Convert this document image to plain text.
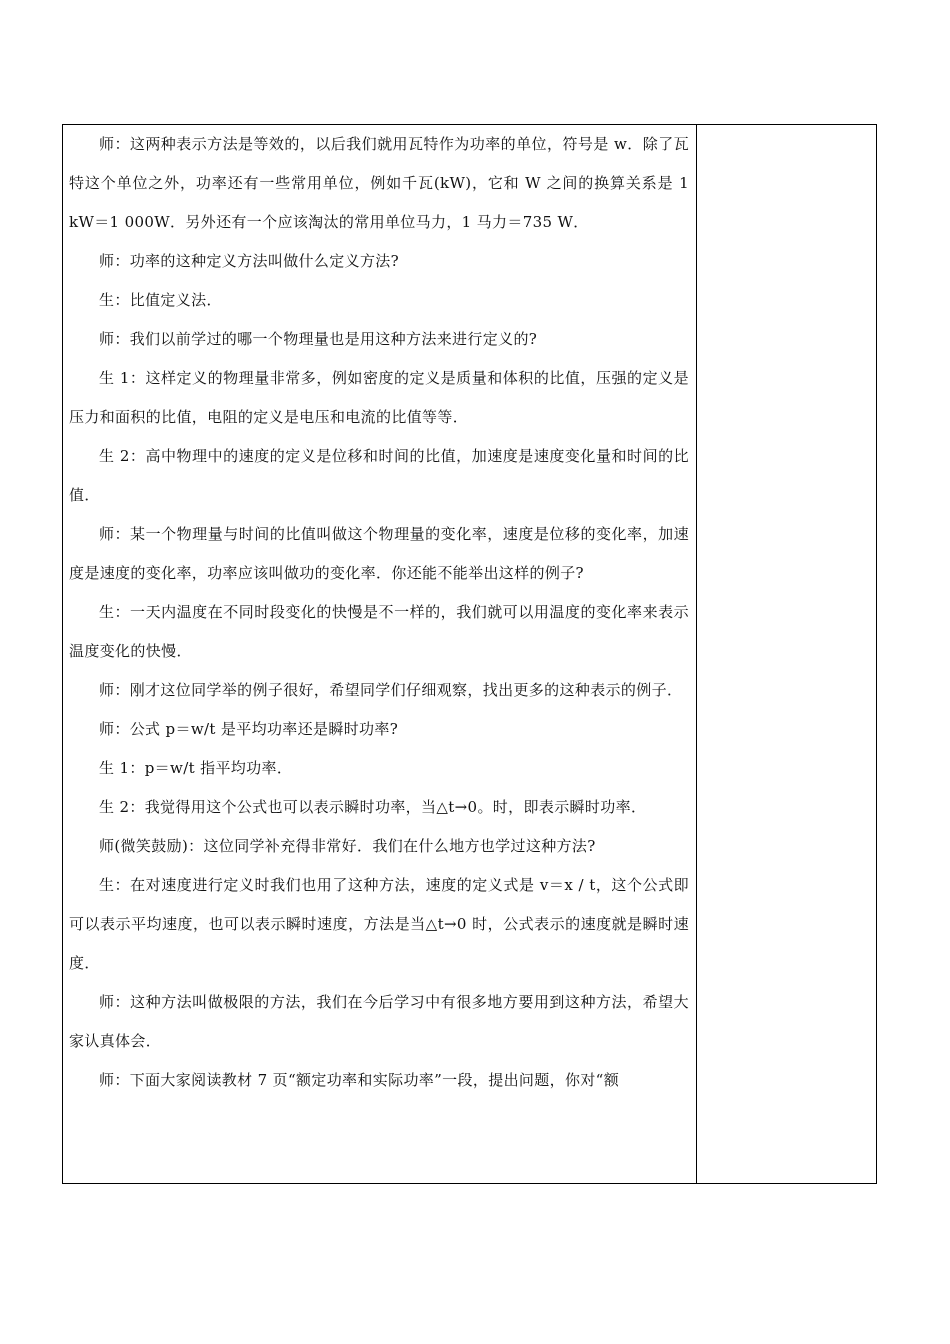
师：这两种表示方法是等效的，以后我们就用瓦特作为功率的单位，符号是 w．除了瓦特这个单位之外，功率还有一些常用单位，例如千瓦(kW)，它和 W 之间的换算关系是 1 kW＝1 000W．另外还有一个应该淘汰的常用单位马力，1 马力＝735 W．

师：功率的这种定义方法叫做什么定义方法?

生：比值定义法．

师：我们以前学过的哪一个物理量也是用这种方法来进行定义的?

生 1：这样定义的物理量非常多，例如密度的定义是质量和体积的比值，压强的定义是压力和面积的比值，电阻的定义是电压和电流的比值等等．

生 2：高中物理中的速度的定义是位移和时间的比值，加速度是速度变化量和时间的比值．

师：某一个物理量与时间的比值叫做这个物理量的变化率，速度是位移的变化率，加速度是速度的变化率，功率应该叫做功的变化率．你还能不能举出这样的例子?

生：一天内温度在不同时段变化的快慢是不一样的，我们就可以用温度的变化率来表示温度变化的快慢．

师：刚才这位同学举的例子很好，希望同学们仔细观察，找出更多的这种表示的例子．

师：公式 p＝w/t 是平均功率还是瞬时功率?

生 1：p＝w/t 指平均功率．

生 2：我觉得用这个公式也可以表示瞬时功率，当△t→0。时，即表示瞬时功率．

师(微笑鼓励)：这位同学补充得非常好．我们在什么地方也学过这种方法?

生：在对速度进行定义时我们也用了这种方法，速度的定义式是 v＝x / t，这个公式即可以表示平均速度，也可以表示瞬时速度，方法是当△t→0 时，公式表示的速度就是瞬时速度．

师：这种方法叫做极限的方法，我们在今后学习中有很多地方要用到这种方法，希望大家认真体会．

师：下面大家阅读教材 7 页“额定功率和实际功率”一段，提出问题，你对“额
